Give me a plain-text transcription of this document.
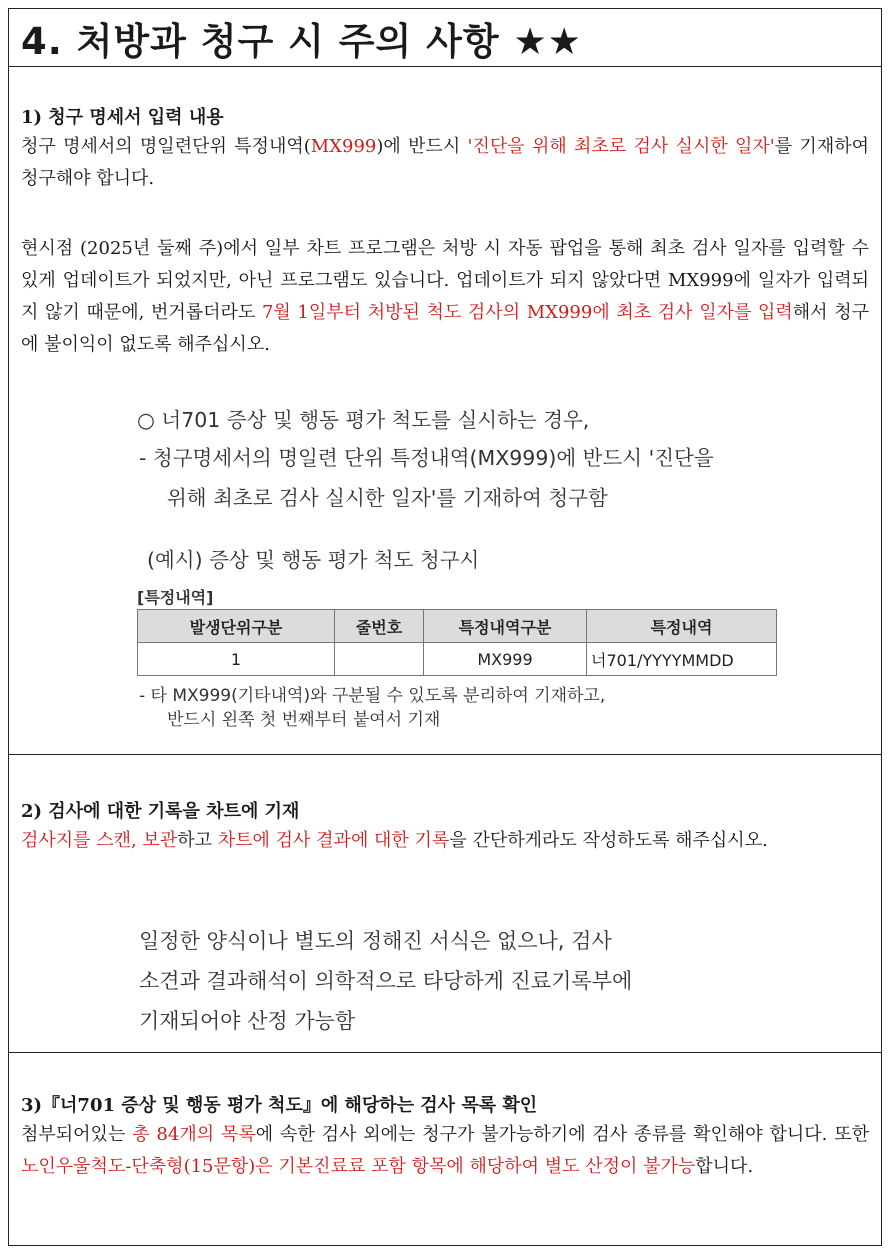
4. 처방과 청구 시 주의 사항 ★★
1) 청구 명세서 입력 내용

청구 명세서의 명일련단위 특정내역(MX999)에 반드시 '진단을 위해 최초로 검사 실시한 일자'를 기재하여 청구해야 합니다.

현시점 (2025년 둘째 주)에서 일부 차트 프로그램은 처방 시 자동 팝업을 통해 최초 검사 일자를 입력할 수 있게 업데이트가 되었지만, 아닌 프로그램도 있습니다. 업데이트가 되지 않았다면 MX999에 일자가 입력되지 않기 때문에, 번거롭더라도 7월 1일부터 처방된 척도 검사의 MX999에 최초 검사 일자를 입력해서 청구에 불이익이 없도록 해주십시오.

○ 너701 증상 및 행동 평가 척도를 실시하는 경우,
- 청구명세서의 명일련 단위 특정내역(MX999)에 반드시 '진단을
위해 최초로 검사 실시한 일자'를 기재하여 청구함
(예시) 증상 및 행동 평가 척도 청구시
[특정내역]
발생단위구분	줄번호	특정내역구분	특정내역
1		MX999	너701/YYYYMMDD
- 타 MX999(기타내역)와 구분될 수 있도록 분리하여 기재하고,
반드시 왼쪽 첫 번째부터 붙여서 기재
2) 검사에 대한 기록을 차트에 기재

검사지를 스캔, 보관하고 차트에 검사 결과에 대한 기록을 간단하게라도 작성하도록 해주십시오.

일정한 양식이나 별도의 정해진 서식은 없으나, 검사
소견과 결과해석이 의학적으로 타당하게 진료기록부에
기재되어야 산정 가능함
3)『너701 증상 및 행동 평가 척도』에 해당하는 검사 목록 확인

첨부되어있는 총 84개의 목록에 속한 검사 외에는 청구가 불가능하기에 검사 종류를 확인해야 합니다. 또한 노인우울척도-단축형(15문항)은 기본진료료 포함 항목에 해당하여 별도 산정이 불가능합니다.
